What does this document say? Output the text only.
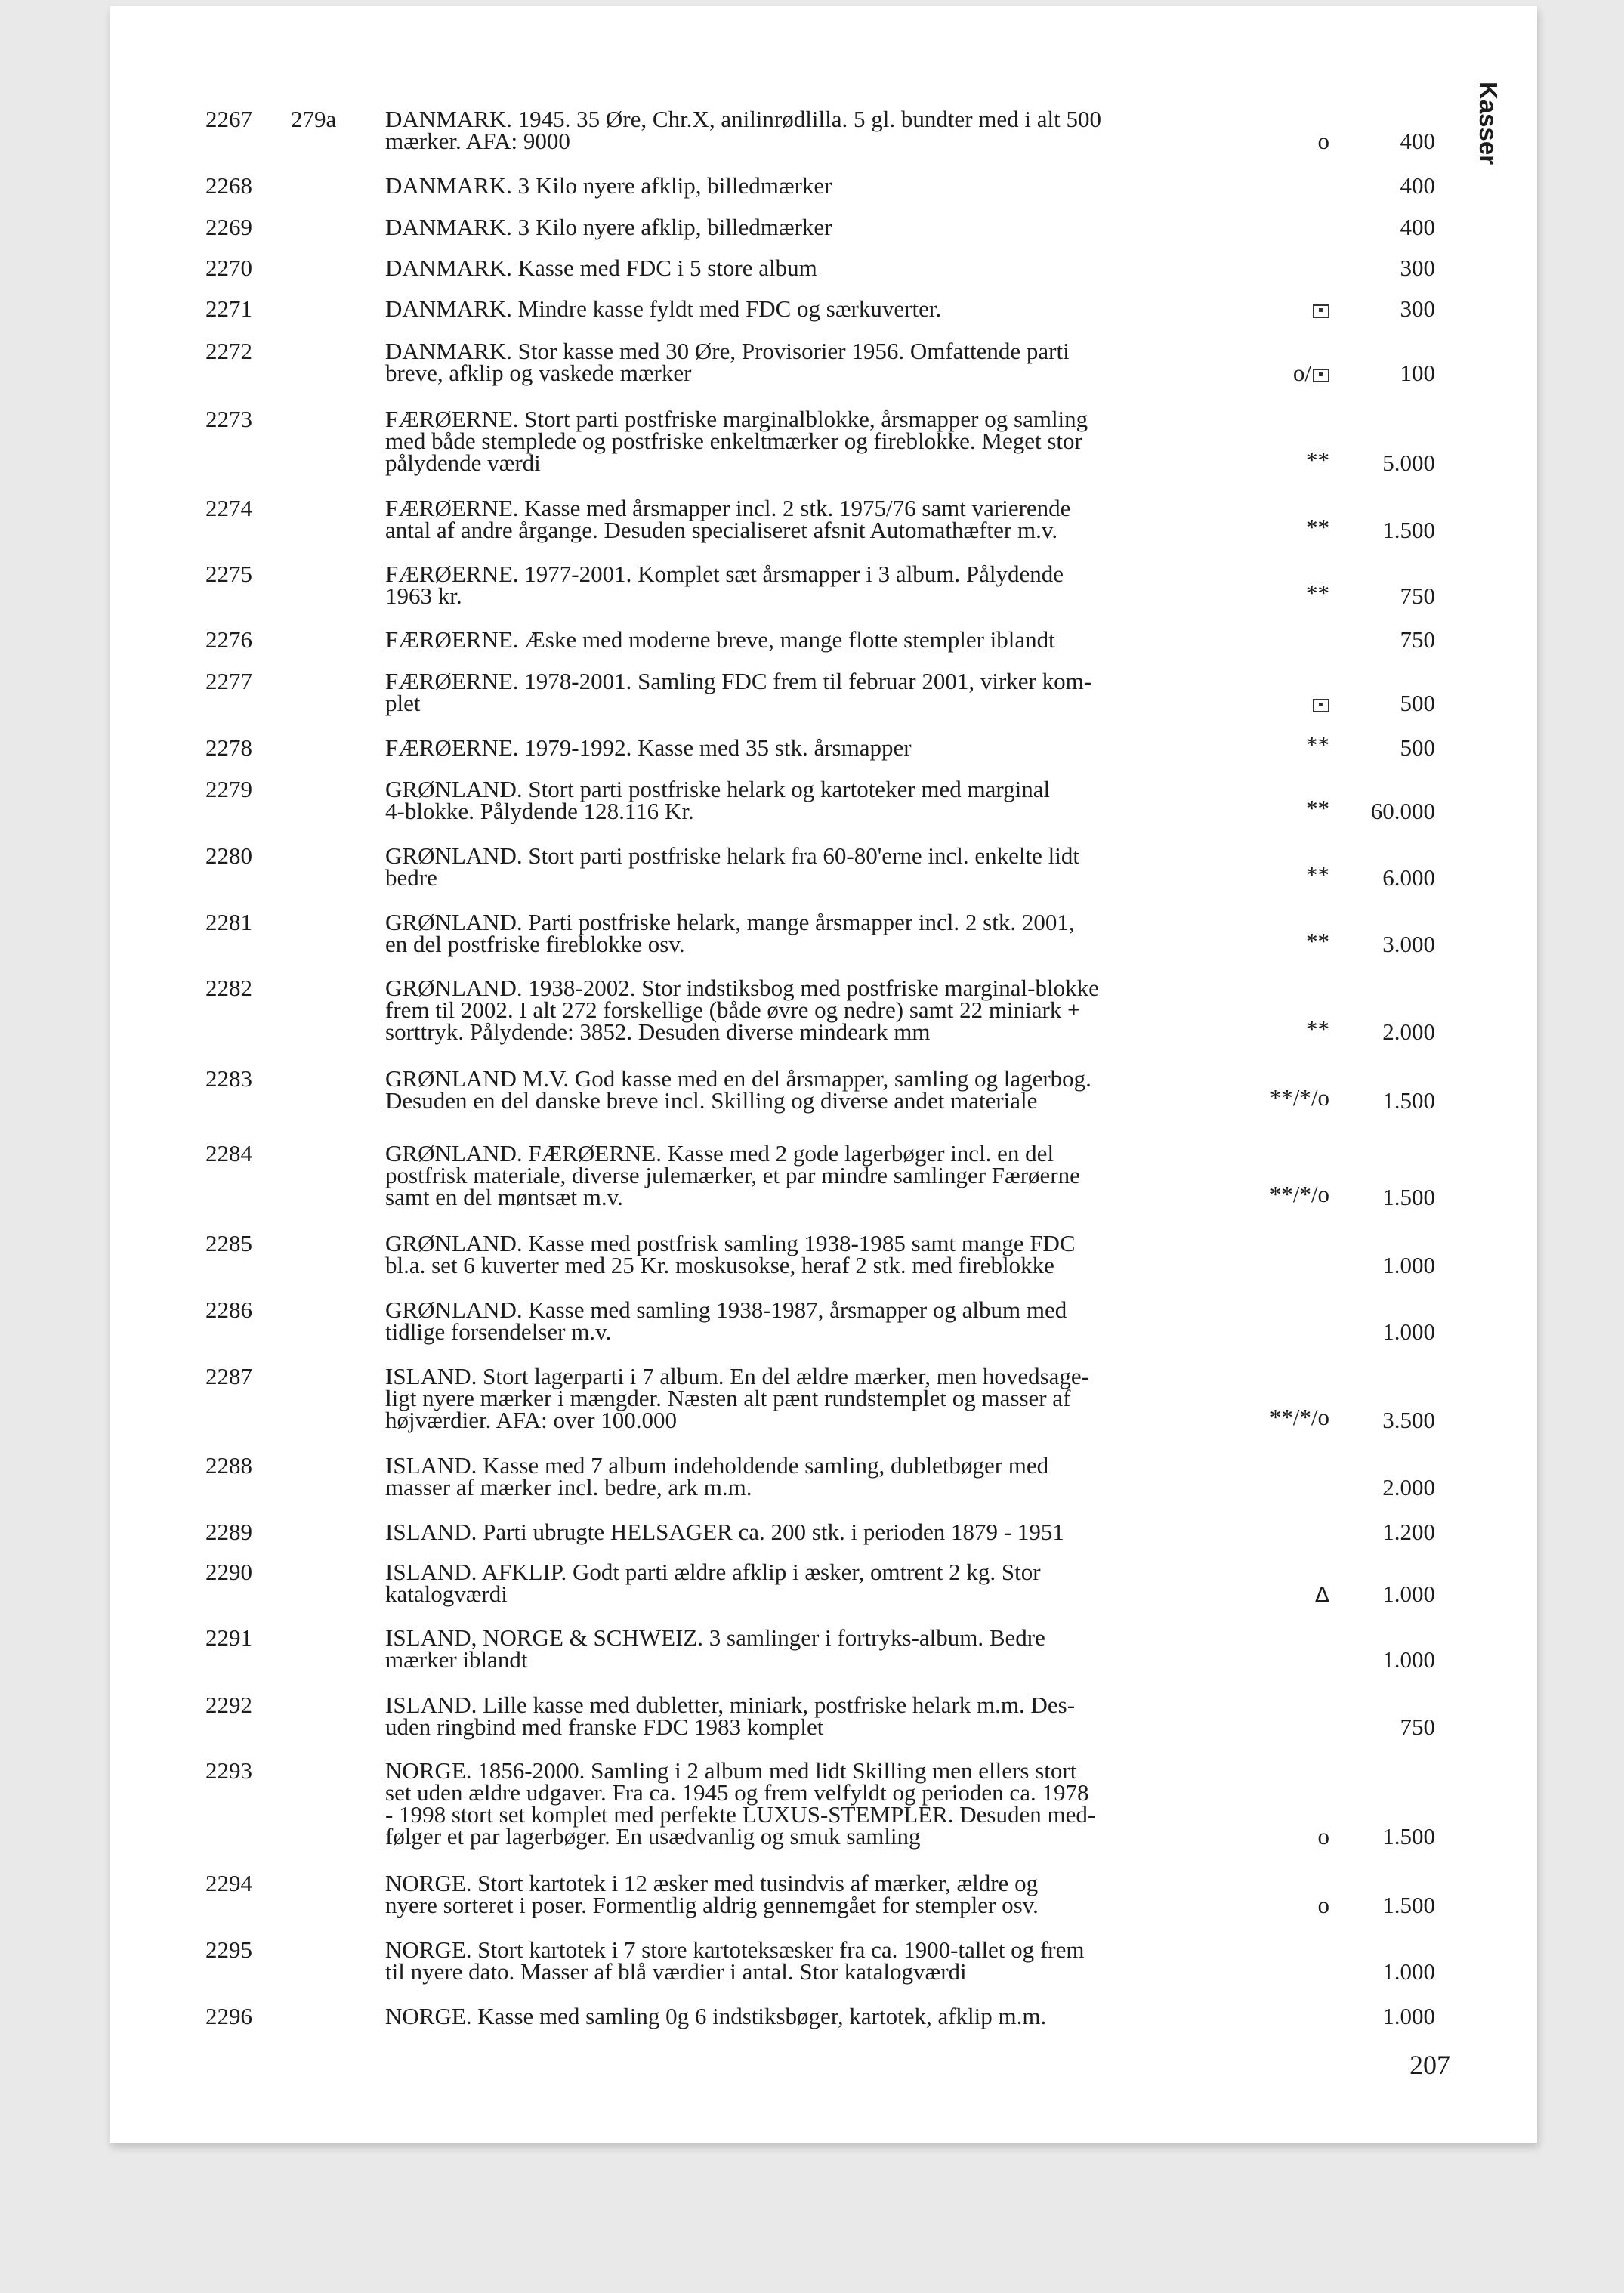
Kasser
2267 279a DANMARK. 1945. 35 Øre, Chr.X, anilinrødlilla. 5 gl. bundter med i alt 500
mærker. AFA: 9000	o	400
2268	DANMARK. 3 Kilo nyere afklip, billedmærker	400
2269	DANMARK. 3 Kilo nyere afklip, billedmærker	400
2270	DANMARK. Kasse med FDC i 5 store album	300
2271	DANMARK. Mindre kasse fyldt med FDC og særkuverter.	300
2272	DANMARK. Stor kasse med 30 Øre, Provisorier 1956. Omfattende parti
breve, afklip og vaskede mærker	o/	100
2273	FÆRØERNE. Stort parti postfriske marginalblokke, årsmapper og samling
med både stemplede og postfriske enkeltmærker og fireblokke. Meget stor
pålydende værdi	** 5.000
2274	FÆRØERNE. Kasse med årsmapper incl. 2 stk. 1975/76 samt varierende
antal af andre årgange. Desuden specialiseret afsnit Automathæfter m.v.	** 1.500
2275	FÆRØERNE. 1977-2001. Komplet sæt årsmapper i 3 album. Pålydende
1963 kr.	**	750
2276	FÆRØERNE. Æske med moderne breve, mange flotte stempler iblandt	750
2277	FÆRØERNE. 1978-2001. Samling FDC frem til februar 2001, virker kom-
plet	500
2278	FÆRØERNE. 1979-1992. Kasse med 35 stk. årsmapper	**	500
2279	GRØNLAND. Stort parti postfriske helark og kartoteker med marginal
4-blokke. Pålydende 128.116 Kr.	** 60.000
2280	GRØNLAND. Stort parti postfriske helark fra 60-80'erne incl. enkelte lidt
bedre	** 6.000
2281	GRØNLAND. Parti postfriske helark, mange årsmapper incl. 2 stk. 2001,
en del postfriske fireblokke osv.	** 3.000
2282	GRØNLAND. 1938-2002. Stor indstiksbog med postfriske marginal-blokke
frem til 2002. I alt 272 forskellige (både øvre og nedre) samt 22 miniark +
sorttryk. Pålydende: 3852. Desuden diverse mindeark mm	** 2.000
2283	GRØNLAND M.V. God kasse med en del årsmapper, samling og lagerbog.
Desuden en del danske breve incl. Skilling og diverse andet materiale	**/*/o 1.500
2284	GRØNLAND. FÆRØERNE. Kasse med 2 gode lagerbøger incl. en del
postfrisk materiale, diverse julemærker, et par mindre samlinger Færøerne
samt en del møntsæt m.v.	**/*/o 1.500
2285	GRØNLAND. Kasse med postfrisk samling 1938-1985 samt mange FDC
bl.a. set 6 kuverter med 25 Kr. moskusokse, heraf 2 stk. med fireblokke	1.000
2286	GRØNLAND. Kasse med samling 1938-1987, årsmapper og album med
tidlige forsendelser m.v.	1.000
2287	ISLAND. Stort lagerparti i 7 album. En del ældre mærker, men hovedsage-
ligt nyere mærker i mængder. Næsten alt pænt rundstemplet og masser af
højværdier. AFA: over 100.000	**/*/o 3.500
2288	ISLAND. Kasse med 7 album indeholdende samling, dubletbøger med
masser af mærker incl. bedre, ark m.m.	2.000
2289	ISLAND. Parti ubrugte HELSAGER ca. 200 stk. i perioden 1879 - 1951	1.200
2290	ISLAND. AFKLIP. Godt parti ældre afklip i æsker, omtrent 2 kg. Stor
katalogværdi	Δ 1.000
2291	ISLAND, NORGE & SCHWEIZ. 3 samlinger i fortryks-album. Bedre
mærker iblandt	1.000
2292	ISLAND. Lille kasse med dubletter, miniark, postfriske helark m.m. Des-
uden ringbind med franske FDC 1983 komplet	750
2293	NORGE. 1856-2000. Samling i 2 album med lidt Skilling men ellers stort
set uden ældre udgaver. Fra ca. 1945 og frem velfyldt og perioden ca. 1978
- 1998 stort set komplet med perfekte LUXUS-STEMPLER. Desuden med-
følger et par lagerbøger. En usædvanlig og smuk samling	o 1.500
2294	NORGE. Stort kartotek i 12 æsker med tusindvis af mærker, ældre og
nyere sorteret i poser. Formentlig aldrig gennemgået for stempler osv.	o 1.500
2295	NORGE. Stort kartotek i 7 store kartoteksæsker fra ca. 1900-tallet og frem
til nyere dato. Masser af blå værdier i antal. Stor katalogværdi	1.000
2296	NORGE. Kasse med samling 0g 6 indstiksbøger, kartotek, afklip m.m.	1.000
207
